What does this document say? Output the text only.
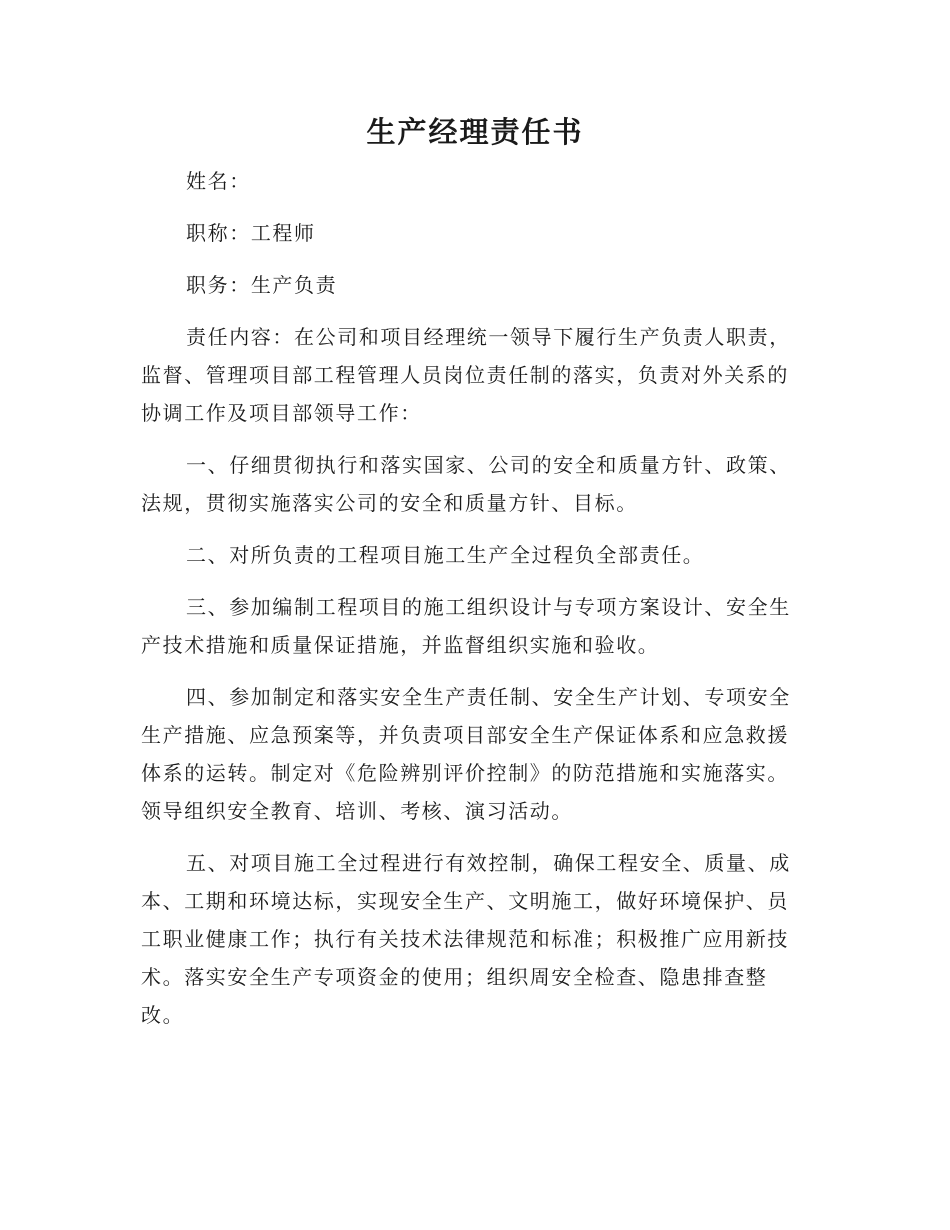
生产经理责任书
姓名：
职称：工程师
职务：生产负责

责任内容：在公司和项目经理统一领导下履行生产负责人职责，监督、管理项目部工程管理人员岗位责任制的落实，负责对外关系的协调工作及项目部领导工作：

一、仔细贯彻执行和落实国家、公司的安全和质量方针、政策、法规，贯彻实施落实公司的安全和质量方针、目标。

二、对所负责的工程项目施工生产全过程负全部责任。

三、参加编制工程项目的施工组织设计与专项方案设计、安全生产技术措施和质量保证措施，并监督组织实施和验收。

四、参加制定和落实安全生产责任制、安全生产计划、专项安全生产措施、应急预案等，并负责项目部安全生产保证体系和应急救援体系的运转。制定对《危险辨别评价控制》的防范措施和实施落实。领导组织安全教育、培训、考核、演习活动。

五、对项目施工全过程进行有效控制，确保工程安全、质量、成本、工期和环境达标，实现安全生产、文明施工，做好环境保护、员工职业健康工作；执行有关技术法律规范和标准；积极推广应用新技术。落实安全生产专项资金的使用；组织周安全检查、隐患排查整改。
